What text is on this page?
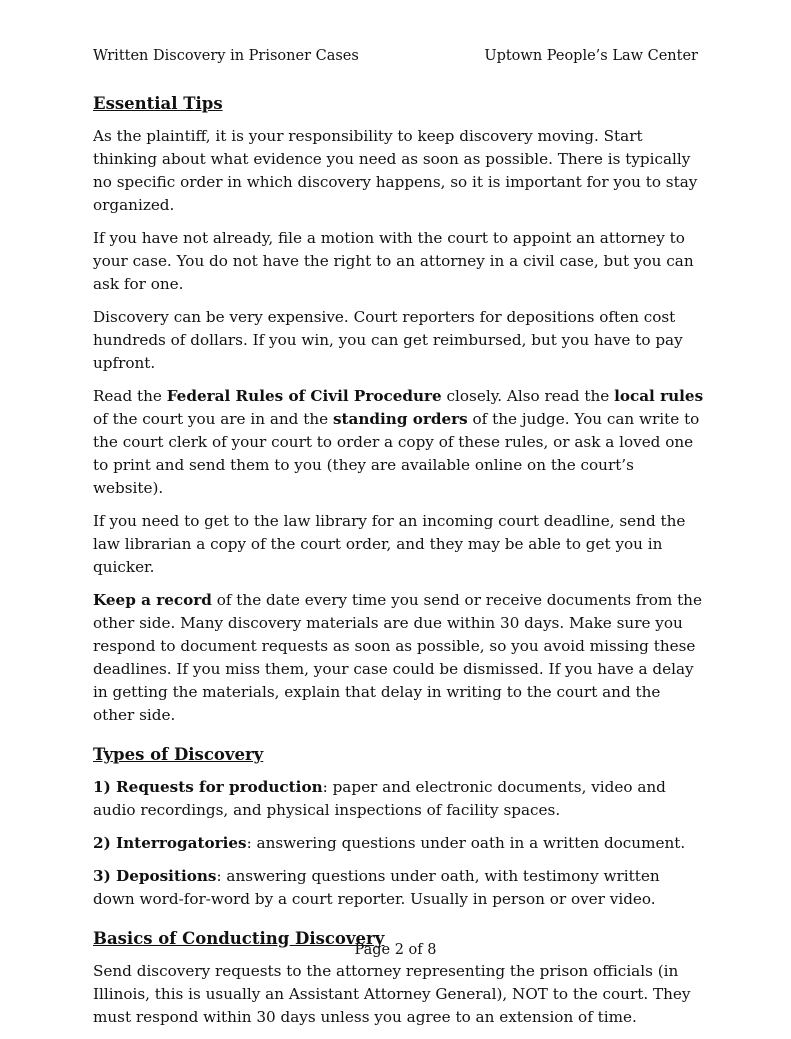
Written Discovery in Prisoner Cases	Uptown People’s Law Center
Essential Tips

As the plaintiff, it is your responsibility to keep discovery moving. Start thinking about what evidence you need as soon as possible. There is typically no specific order in which discovery happens, so it is important for you to stay organized.

If you have not already, file a motion with the court to appoint an attorney to your case. You do not have the right to an attorney in a civil case, but you can ask for one.

Discovery can be very expensive. Court reporters for depositions often cost hundreds of dollars. If you win, you can get reimbursed, but you have to pay upfront.

Read the Federal Rules of Civil Procedure closely. Also read the local rules of the court you are in and the standing orders of the judge. You can write to the court clerk of your court to order a copy of these rules, or ask a loved one to print and send them to you (they are available online on the court’s website).

If you need to get to the law library for an incoming court deadline, send the law librarian a copy of the court order, and they may be able to get you in quicker.

Keep a record of the date every time you send or receive documents from the other side. Many discovery materials are due within 30 days. Make sure you respond to document requests as soon as possible, so you avoid missing these deadlines. If you miss them, your case could be dismissed. If you have a delay in getting the materials, explain that delay in writing to the court and the other side.

Types of Discovery

1) Requests for production: paper and electronic documents, video and audio recordings, and physical inspections of facility spaces.

2) Interrogatories: answering questions under oath in a written document.

3) Depositions: answering questions under oath, with testimony written down word-for-word by a court reporter. Usually in person or over video.

Basics of Conducting Discovery

Send discovery requests to the attorney representing the prison officials (in Illinois, this is usually an Assistant Attorney General), NOT to the court. They must respond within 30 days unless you agree to an extension of time.

Page 2 of 8
